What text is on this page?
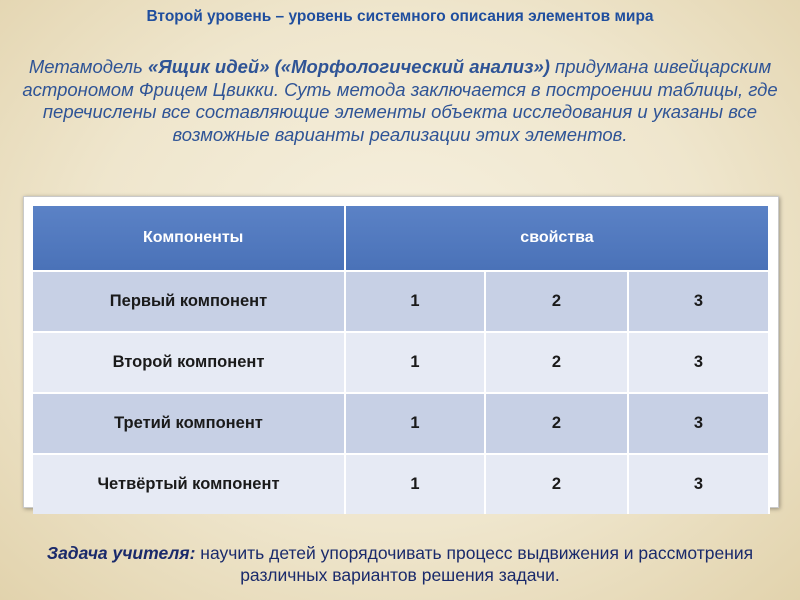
Второй уровень – уровень системного описания элементов мира
Метамодель «Ящик идей» («Морфологический анализ») придумана швейцарским астрономом Фрицем Цвикки. Суть метода заключается в построении таблицы, где перечислены все составляющие элементы объекта исследования и указаны все возможные варианты реализации этих элементов.
Компоненты	свойства		
Первый компонент	1	2	3
Второй компонент	1	2	3
Третий компонент	1	2	3
Четвёртый компонент	1	2	3
Задача учителя: научить детей упорядочивать процесс выдвижения и рассмотрения различных вариантов решения задачи.
